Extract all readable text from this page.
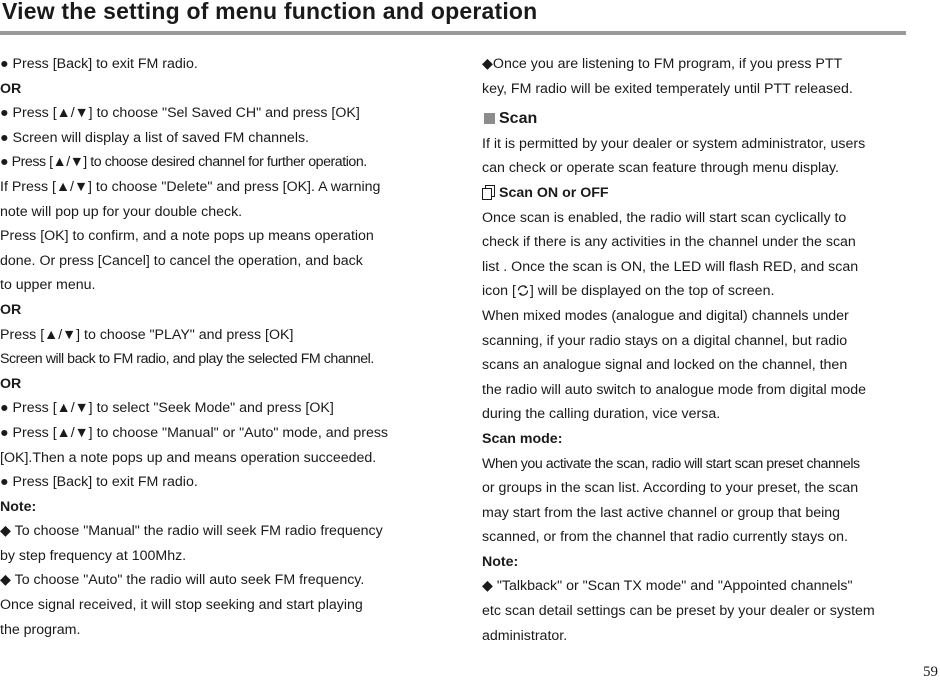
View the setting of menu function and operation
● Press [Back] to exit FM radio.
OR
● Press [▲/▼] to choose "Sel Saved CH" and press [OK]
● Screen will display a list of saved FM channels.
● Press [▲/▼] to choose desired channel for further operation.
If Press [▲/▼] to choose "Delete" and press [OK]. A warning
note will pop up for your double check.
Press [OK] to confirm, and a note pops up means operation
done. Or press [Cancel] to cancel the operation, and back
to upper menu.
OR
Press [▲/▼] to choose "PLAY" and press [OK]
Screen will back to FM radio, and play the selected FM channel.
OR
● Press [▲/▼] to select "Seek Mode" and press [OK]
● Press [▲/▼] to choose "Manual" or "Auto" mode, and press
[OK].Then a note pops up and means operation succeeded.
● Press [Back] to exit FM radio.
Note:
◆ To choose "Manual" the radio will seek FM radio frequency
by step frequency at 100Mhz.
◆ To choose "Auto" the radio will auto seek FM frequency.
Once signal received, it will stop seeking and start playing
the program.
◆Once you are listening to FM program, if you press PTT
key, FM radio will be exited temperately until PTT released.
Scan
If it is permitted by your dealer or system administrator, users
can check or operate scan feature through menu display.
Scan ON or OFF
Once scan is enabled, the radio will start scan cyclically to
check if there is any activities in the channel under the scan
list . Once the scan is ON, the LED will flash RED, and scan
icon [ ] will be displayed on the top of screen.
When mixed modes (analogue and digital) channels under
scanning, if your radio stays on a digital channel, but radio
scans an analogue signal and locked on the channel, then
the radio will auto switch to analogue mode from digital mode
during the calling duration, vice versa.
Scan mode:
When you activate the scan, radio will start scan preset channels
or groups in the scan list. According to your preset, the scan
may start from the last active channel or group that being
scanned, or from the channel that radio currently stays on.
Note:
◆ "Talkback" or "Scan TX mode" and "Appointed channels"
etc scan detail settings can be preset by your dealer or system
administrator.
59
